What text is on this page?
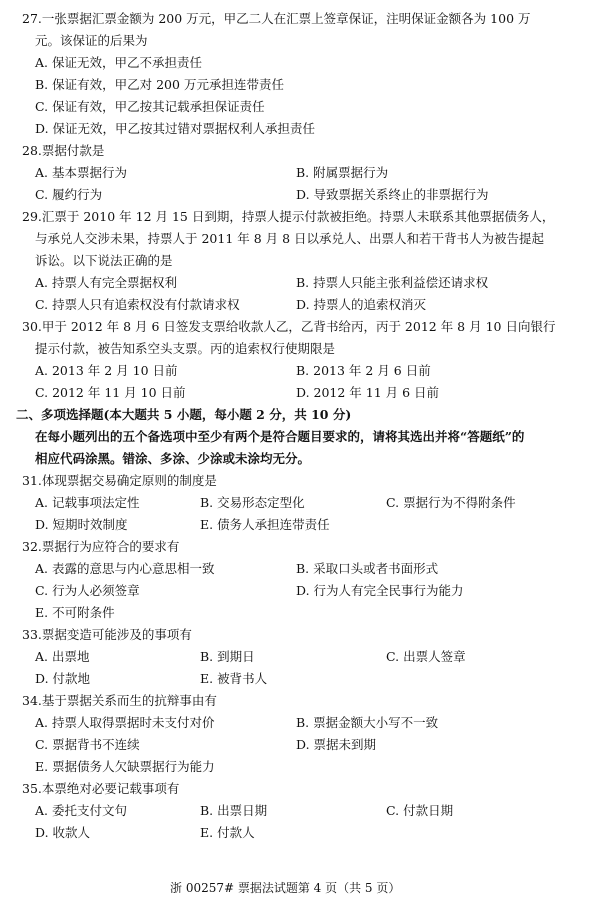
27.一张票据汇票金额为 200 万元，甲乙二人在汇票上签章保证，注明保证金额各为 100 万
元。该保证的后果为
A. 保证无效，甲乙不承担责任
B. 保证有效，甲乙对 200 万元承担连带责任
C. 保证有效，甲乙按其记载承担保证责任
D. 保证无效，甲乙按其过错对票据权利人承担责任
28.票据付款是
A. 基本票据行为	B. 附属票据行为
C. 履约行为	D. 导致票据关系终止的非票据行为
29.汇票于 2010 年 12 月 15 日到期，持票人提示付款被拒绝。持票人未联系其他票据债务人，
与承兑人交涉未果，持票人于 2011 年 8 月 8 日以承兑人、出票人和若干背书人为被告提起
诉讼。以下说法正确的是
A. 持票人有完全票据权利	B. 持票人只能主张利益偿还请求权
C. 持票人只有追索权没有付款请求权	D. 持票人的追索权消灭
30.甲于 2012 年 8 月 6 日签发支票给收款人乙，乙背书给丙，丙于 2012 年 8 月 10 日向银行
提示付款，被告知系空头支票。丙的追索权行使期限是
A. 2013 年 2 月 10 日前	B. 2013 年 2 月 6 日前
C. 2012 年 11 月 10 日前	D. 2012 年 11 月 6 日前
二、多项选择题(本大题共 5 小题，每小题 2 分，共 10 分)
在每小题列出的五个备选项中至少有两个是符合题目要求的，请将其选出并将“答题纸”的
相应代码涂黑。错涂、多涂、少涂或未涂均无分。
31.体现票据交易确定原则的制度是
A. 记载事项法定性	B. 交易形态定型化	C. 票据行为不得附条件
D. 短期时效制度	E. 债务人承担连带责任
32.票据行为应符合的要求有
A. 表露的意思与内心意思相一致	B. 采取口头或者书面形式
C. 行为人必须签章	D. 行为人有完全民事行为能力
E. 不可附条件
33.票据变造可能涉及的事项有
A. 出票地	B. 到期日	C. 出票人签章
D. 付款地	E. 被背书人
34.基于票据关系而生的抗辩事由有
A. 持票人取得票据时未支付对价	B. 票据金额大小写不一致
C. 票据背书不连续	D. 票据未到期
E. 票据债务人欠缺票据行为能力
35.本票绝对必要记载事项有
A. 委托支付文句	B. 出票日期	C. 付款日期
D. 收款人	E. 付款人
浙 00257# 票据法试题第 4 页（共 5 页）
